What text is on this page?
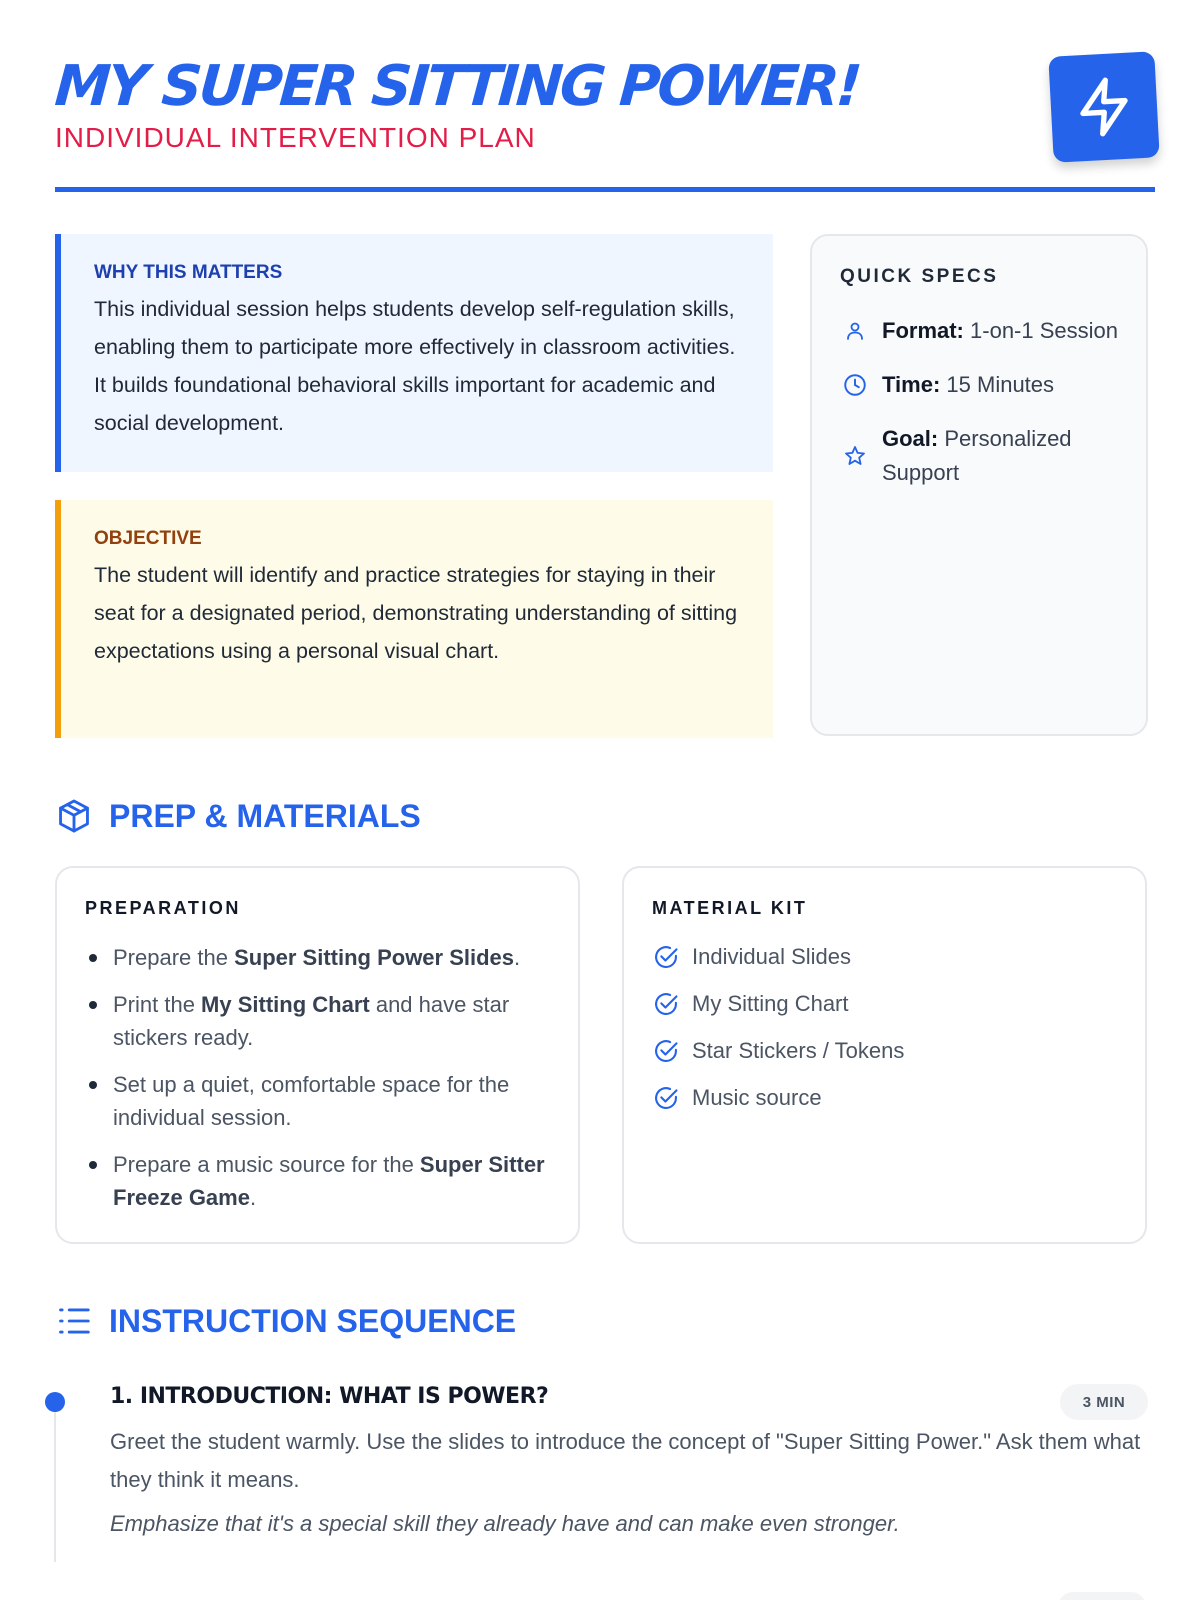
MY SUPER SITTING POWER!
INDIVIDUAL INTERVENTION PLAN
WHY THIS MATTERS
This individual session helps students develop self-regulation skills, enabling them to participate more effectively in classroom activities. It builds foundational behavioral skills important for academic and social development.
OBJECTIVE
The student will identify and practice strategies for staying in their seat for a designated period, demonstrating understanding of sitting expectations using a personal visual chart.
QUICK SPECS
Format: 1-on-1 Session
Time: 15 Minutes
Goal: Personalized Support
PREP & MATERIALS
PREPARATION
Prepare the Super Sitting Power Slides.
Print the My Sitting Chart and have star stickers ready.
Set up a quiet, comfortable space for the individual session.
Prepare a music source for the Super Sitter Freeze Game.
MATERIAL KIT
Individual Slides
My Sitting Chart
Star Stickers / Tokens
Music source
INSTRUCTION SEQUENCE
1. INTRODUCTION: WHAT IS POWER?	3 MIN
Greet the student warmly. Use the slides to introduce the concept of "Super Sitting Power." Ask them what they think it means.
Emphasize that it's a special skill they already have and can make even stronger.
